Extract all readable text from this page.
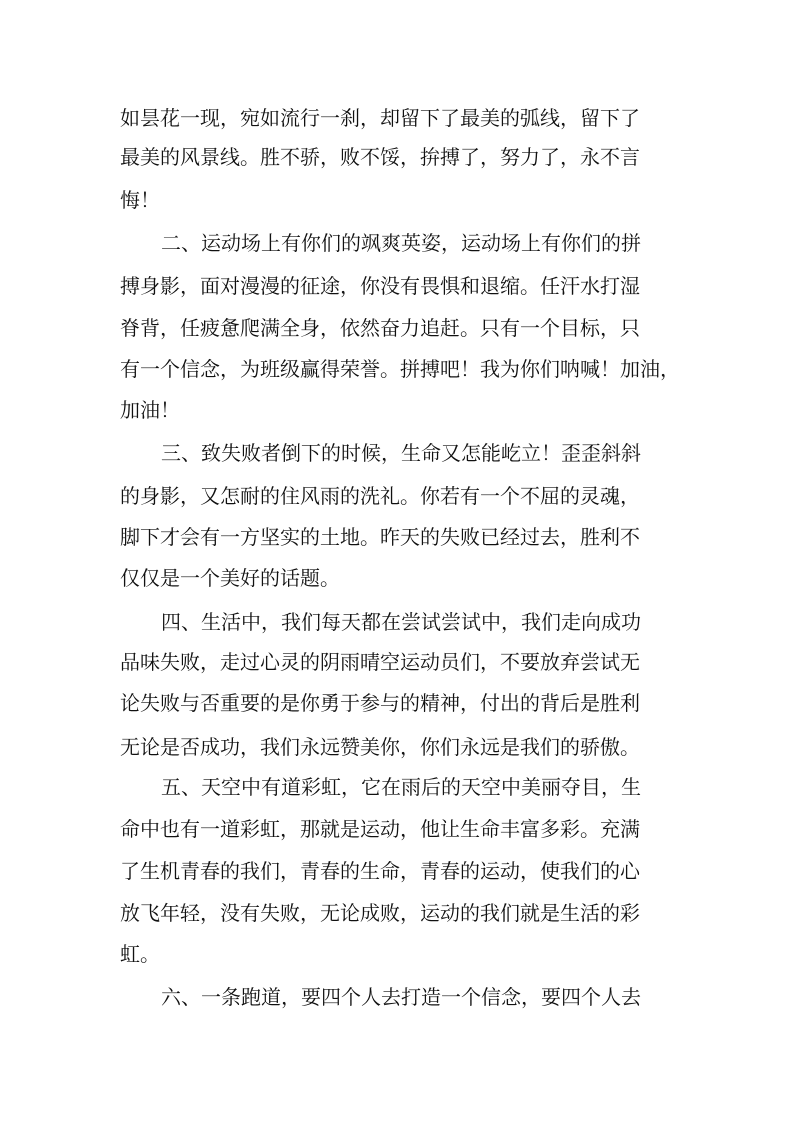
如昙花一现，宛如流行一刹，却留下了最美的弧线，留下了
最美的风景线。胜不骄，败不馁，拚搏了，努力了，永不言
悔！
二、运动场上有你们的飒爽英姿，运动场上有你们的拼
搏身影，面对漫漫的征途，你没有畏惧和退缩。任汗水打湿
脊背，任疲惫爬满全身，依然奋力追赶。只有一个目标，只
有一个信念，为班级赢得荣誉。拼搏吧！我为你们呐喊！加油，
加油！
三、致失败者倒下的时候，生命又怎能屹立！歪歪斜斜
的身影，又怎耐的住风雨的洗礼。你若有一个不屈的灵魂，
脚下才会有一方坚实的土地。昨天的失败已经过去，胜利不
仅仅是一个美好的话题。
四、生活中，我们每天都在尝试尝试中，我们走向成功
品味失败，走过心灵的阴雨晴空运动员们，不要放弃尝试无
论失败与否重要的是你勇于参与的精神，付出的背后是胜利
无论是否成功，我们永远赞美你，你们永远是我们的骄傲。
五、天空中有道彩虹，它在雨后的天空中美丽夺目，生
命中也有一道彩虹，那就是运动，他让生命丰富多彩。充满
了生机青春的我们，青春的生命，青春的运动，使我们的心
放飞年轻，没有失败，无论成败，运动的我们就是生活的彩
虹。
六、一条跑道，要四个人去打造一个信念，要四个人去
